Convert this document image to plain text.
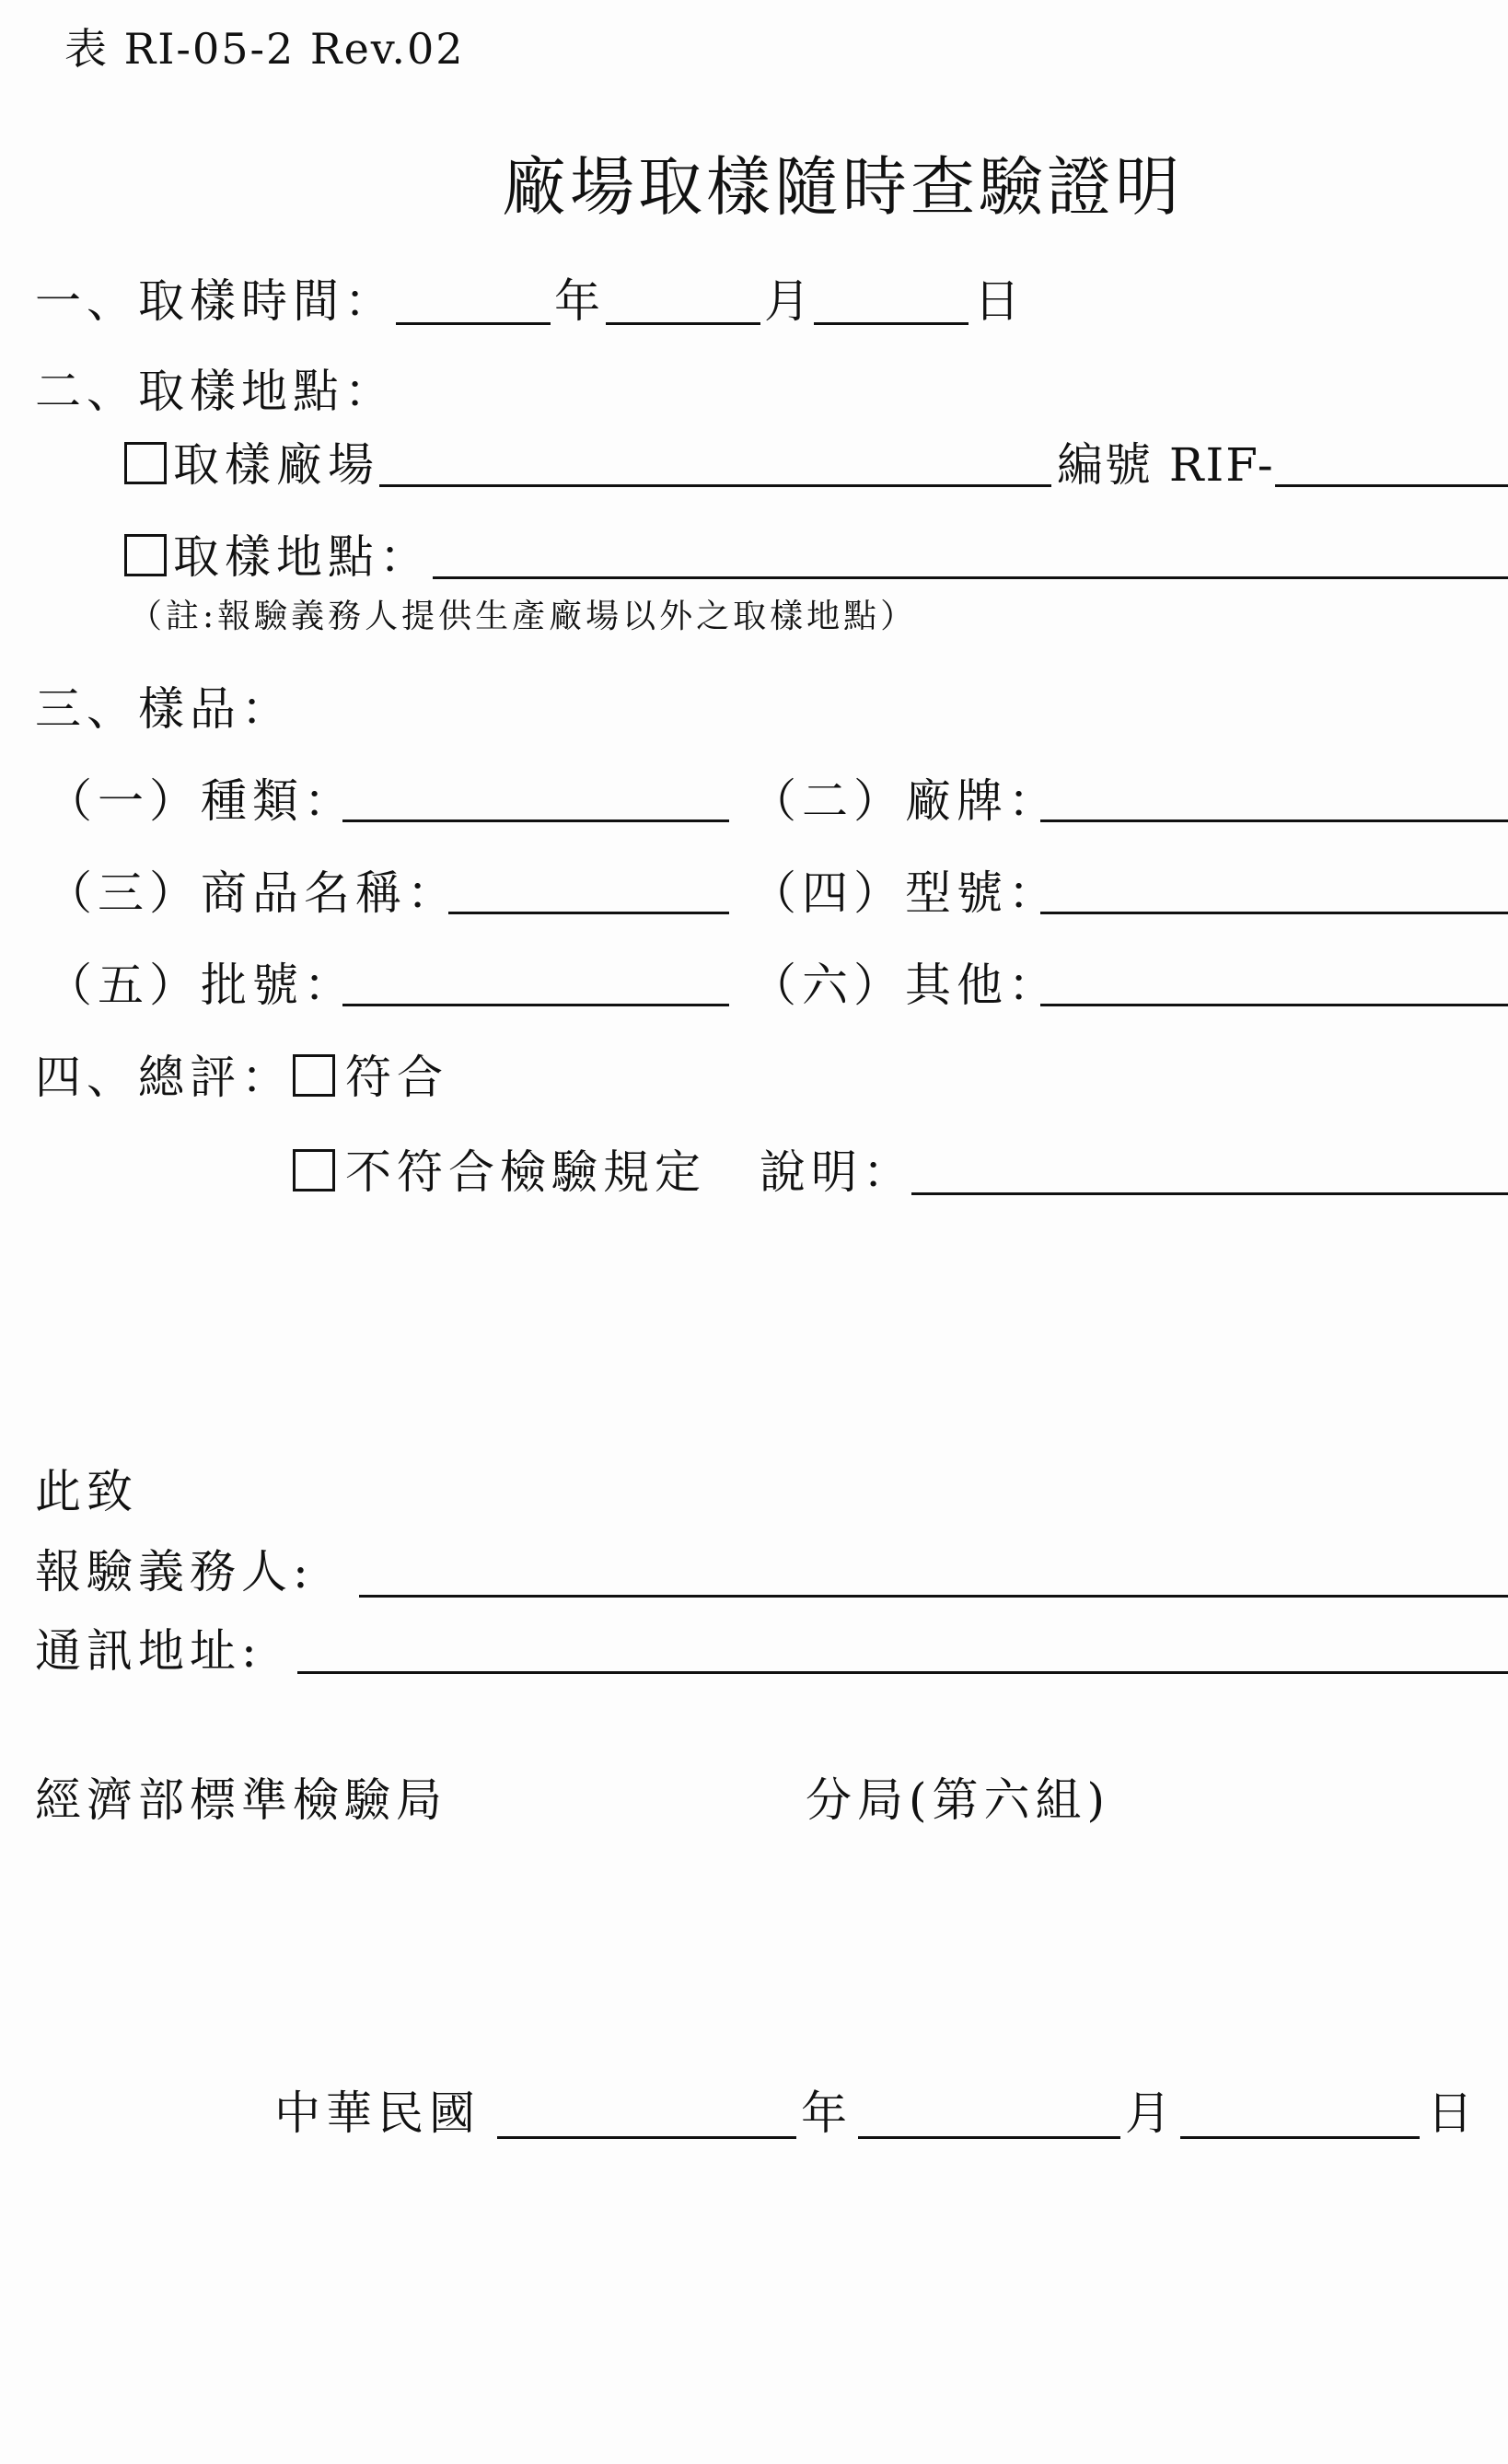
表 RI-05-2 Rev.02
廠場取樣隨時查驗證明
一、取樣時間：	年	月	日
二、取樣地點：
取樣廠場	編號 RIF-
取樣地點：
（註:報驗義務人提供生產廠場以外之取樣地點）
三、樣品：
（一）種類：	（二）廠牌：
（三）商品名稱：	（四）型號：
（五）批號：	（六）其他：
四、總評： 符合
不符合檢驗規定 說明：
此致
報驗義務人:
通訊地址:
經濟部標準檢驗局	分局(第六組)
中華民國	年	月	日
